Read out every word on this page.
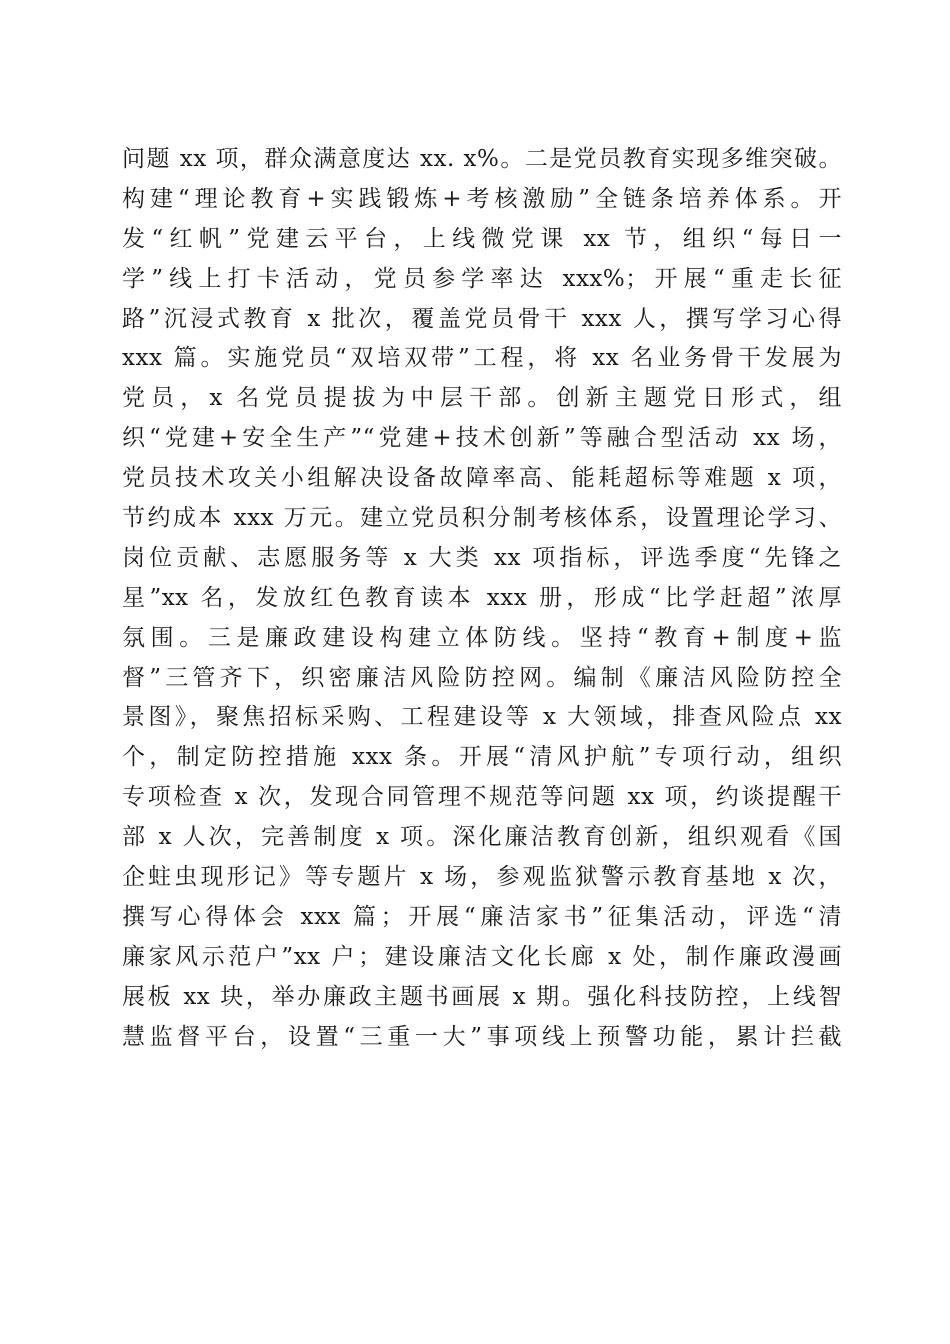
问题 xx 项，群众满意度达 xx. x%。二是党员教育实现多维突破。
构建“理论教育+实践锻炼+考核激励”全链条培养体系。开
发“红帆”党建云平台，上线微党课 xx 节，组织“每日一
学”线上打卡活动，党员参学率达 xxx%；开展“重走长征
路”沉浸式教育 x 批次，覆盖党员骨干 xxx 人，撰写学习心得
xxx 篇。实施党员“双培双带”工程，将 xx 名业务骨干发展为
党员，x 名党员提拔为中层干部。创新主题党日形式，组
织“党建+安全生产”“党建+技术创新”等融合型活动 xx 场，
党员技术攻关小组解决设备故障率高、能耗超标等难题 x 项，
节约成本 xxx 万元。建立党员积分制考核体系，设置理论学习、
岗位贡献、志愿服务等 x 大类 xx 项指标，评选季度“先锋之
星”xx 名，发放红色教育读本 xxx 册，形成“比学赶超”浓厚
氛围。三是廉政建设构建立体防线。坚持“教育+制度+监
督”三管齐下，织密廉洁风险防控网。编制《廉洁风险防控全
景图》，聚焦招标采购、工程建设等 x 大领域，排查风险点 xx
个，制定防控措施 xxx 条。开展“清风护航”专项行动，组织
专项检查 x 次，发现合同管理不规范等问题 xx 项，约谈提醒干
部 x 人次，完善制度 x 项。深化廉洁教育创新，组织观看《国
企蛀虫现形记》等专题片 x 场，参观监狱警示教育基地 x 次，
撰写心得体会 xxx 篇；开展“廉洁家书”征集活动，评选“清
廉家风示范户”xx 户；建设廉洁文化长廊 x 处，制作廉政漫画
展板 xx 块，举办廉政主题书画展 x 期。强化科技防控，上线智
慧监督平台，设置“三重一大”事项线上预警功能，累计拦截
